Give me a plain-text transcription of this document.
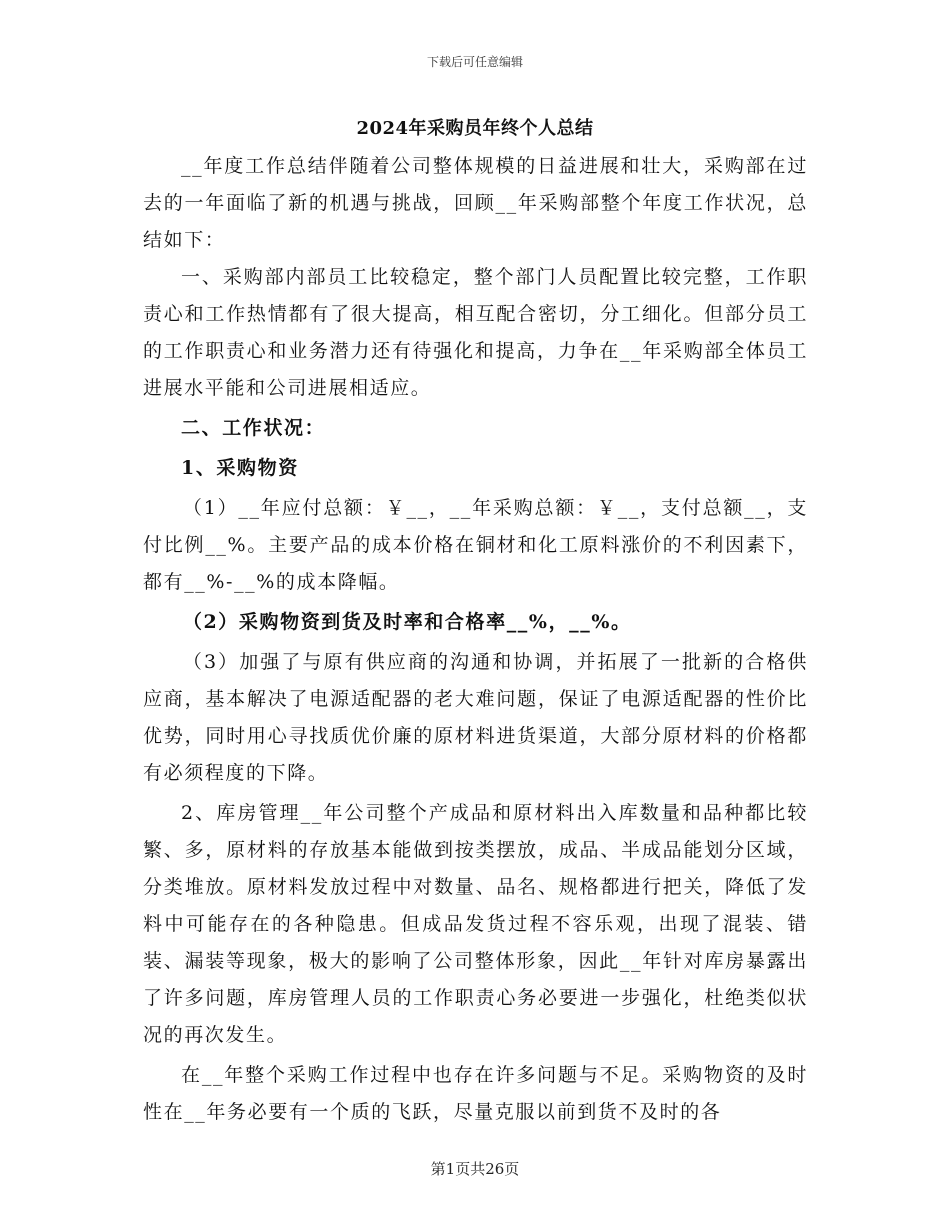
下载后可任意编辑
2024年采购员年终个人总结

__年度工作总结伴随着公司整体规模的日益进展和壮大，采购部在过去的一年面临了新的机遇与挑战，回顾__年采购部整个年度工作状况，总结如下：

一、采购部内部员工比较稳定，整个部门人员配置比较完整，工作职责心和工作热情都有了很大提高，相互配合密切，分工细化。但部分员工的工作职责心和业务潜力还有待强化和提高，力争在__年采购部全体员工进展水平能和公司进展相适应。

二、工作状况：

1、采购物资

（1）__年应付总额：￥__，__年采购总额：￥__，支付总额__，支付比例__%。主要产品的成本价格在铜材和化工原料涨价的不利因素下，都有__%-__%的成本降幅。

（2）采购物资到货及时率和合格率__%，__%。

（3）加强了与原有供应商的沟通和协调，并拓展了一批新的合格供应商，基本解决了电源适配器的老大难问题，保证了电源适配器的性价比优势，同时用心寻找质优价廉的原材料进货渠道，大部分原材料的价格都有必须程度的下降。

2、库房管理__年公司整个产成品和原材料出入库数量和品种都比较繁、多，原材料的存放基本能做到按类摆放，成品、半成品能划分区域，分类堆放。原材料发放过程中对数量、品名、规格都进行把关，降低了发料中可能存在的各种隐患。但成品发货过程不容乐观，出现了混装、错装、漏装等现象，极大的影响了公司整体形象，因此__年针对库房暴露出了许多问题，库房管理人员的工作职责心务必要进一步强化，杜绝类似状况的再次发生。

在__年整个采购工作过程中也存在许多问题与不足。采购物资的及时性在__年务必要有一个质的飞跃，尽量克服以前到货不及时的各

第1页共26页
